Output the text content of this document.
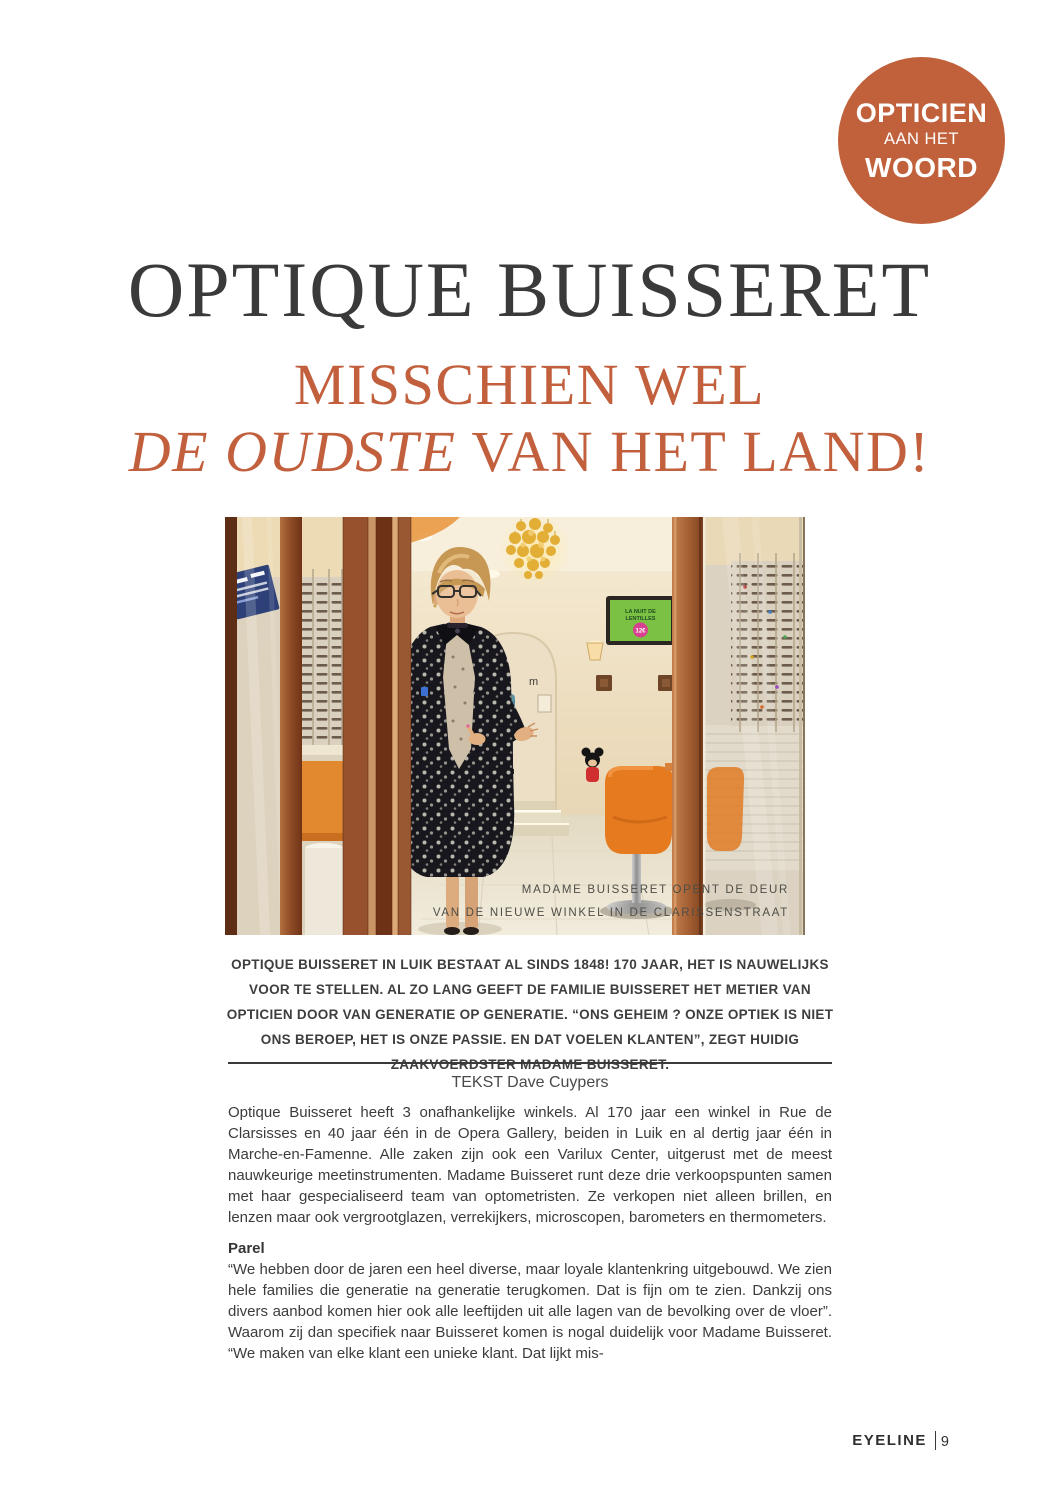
OPTICIEN
AAN HET
WOORD
OPTIQUE BUISSERET
MISSCHIEN WEL
DE OUDSTE VAN HET LAND!
m
LA NUIT DE
LENTILLES
12€
MADAME BUISSERET OPENT DE DEUR
VAN DE NIEUWE WINKEL IN DE CLARISSENSTRAAT

OPTIQUE BUISSERET IN LUIK BESTAAT AL SINDS 1848! 170 JAAR, HET IS NAUWELIJKS VOOR TE STELLEN. AL ZO LANG GEEFT DE FAMILIE BUISSERET HET METIER VAN OPTICIEN DOOR VAN GENERATIE OP GENERATIE. “ONS GEHEIM ? ONZE OPTIEK IS NIET ONS BEROEP, HET IS ONZE PASSIE. EN DAT VOELEN KLANTEN”, ZEGT HUIDIG ZAAKVOERDSTER MADAME BUISSERET.

TEKST Dave Cuypers

Optique Buisseret heeft 3 onafhankelijke winkels. Al 170 jaar een winkel in Rue de Clarsisses en 40 jaar één in de Opera Gallery, beiden in Luik en al dertig jaar één in Marche-en-Famenne. Alle zaken zijn ook een Varilux Center, uitgerust met de meest nauwkeurige meetinstrumenten. Madame Buisseret runt deze drie verkoopspunten samen met haar gespecialiseerd team van optometristen. Ze verkopen niet alleen brillen, en lenzen maar ook vergrootglazen, verrekijkers, microscopen, barometers en thermometers.

Parel

“We hebben door de jaren een heel diverse, maar loyale klantenkring uitgebouwd. We zien hele families die generatie na generatie terugkomen. Dat is fijn om te zien. Dankzij ons divers aanbod komen hier ook alle leeftijden uit alle lagen van de bevolking over de vloer”. Waarom zij dan specifiek naar Buisseret komen is nogal duidelijk voor Madame Buisseret. “We maken van elke klant een unieke klant. Dat lijkt mis-

EYELINE 9
